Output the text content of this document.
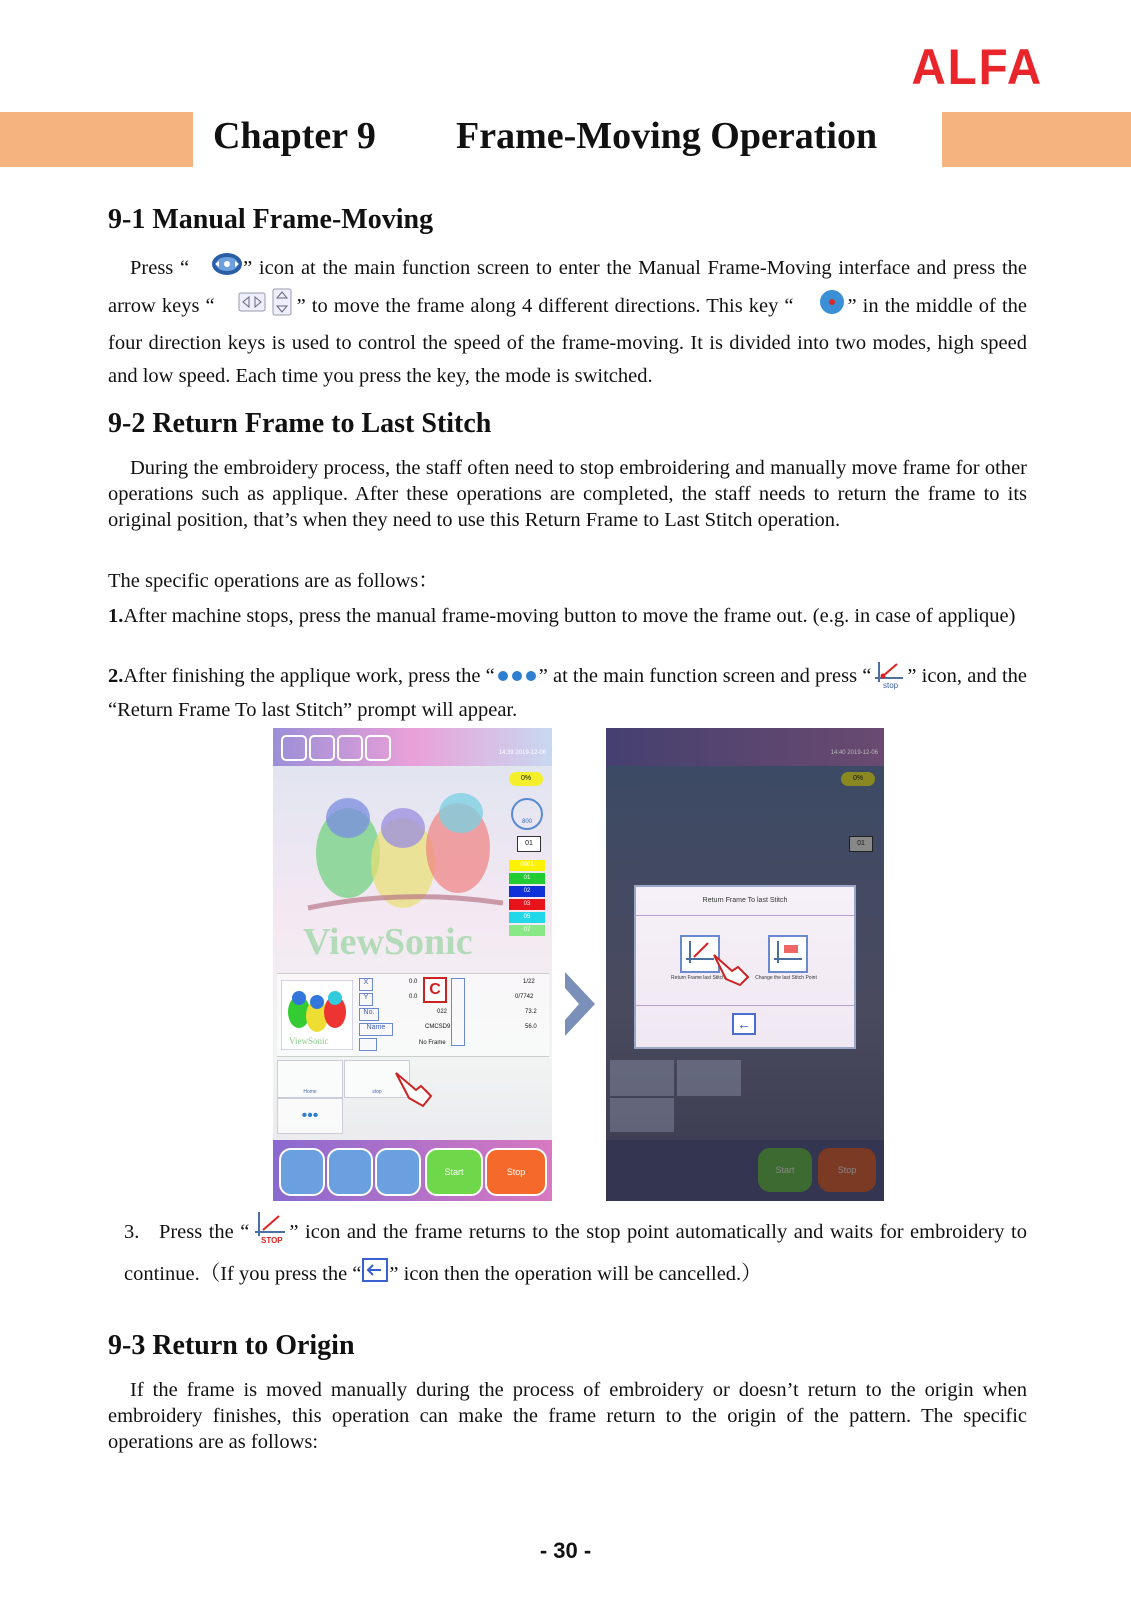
ALFA
Chapter 9 Frame-Moving Operation
9-1 Manual Frame-Moving
Press “	” icon at the main function screen to enter the Manual Frame-Moving interface and press the arrow keys “	” to move the frame along 4 different directions. This key “	” in the middle of the four direction keys is used to control the speed of the frame-moving. It is divided into two modes, high speed and low speed. Each time you press the key, the mode is switched.
9-2 Return Frame to Last Stitch
During the embroidery process, the staff often need to stop embroidering and manually move frame for other operations such as applique. After these operations are completed, the staff needs to return the frame to its original position, that’s when they need to use this Return Frame to Last Stitch operation.
The specific operations are as follows：
1.After machine stops, press the manual frame-moving button to move the frame out. (e.g. in case of applique)
2.After finishing the applique work, press the “ ” at the main function screen and press “ stop ” icon, and the “Return Frame To last Stitch” prompt will appear.
14:39 2019-12-06
ViewSonic
0%
800
01
0001
01
02
03
05
07
ViewSonic
X
Y
No.
Name
0.0
0.0
022
CMCSD9
C	1/22
0/7742
73.2
56.0
No Frame
Home	stop
•••
Start	Stop
14:40 2019-12-06
0%
01
Start	Stop
Return Frame To last Stitch
Return Frame last Stitch	Change the last Stitch Point
←
3. Press the “ STOP ” icon and the frame returns to the stop point automatically and waits for embroidery to continue.（If you press the “ ” icon then the operation will be cancelled.）
9-3 Return to Origin
If the frame is moved manually during the process of embroidery or doesn’t return to the origin when embroidery finishes, this operation can make the frame return to the origin of the pattern. The specific operations are as follows:
- 30 -
